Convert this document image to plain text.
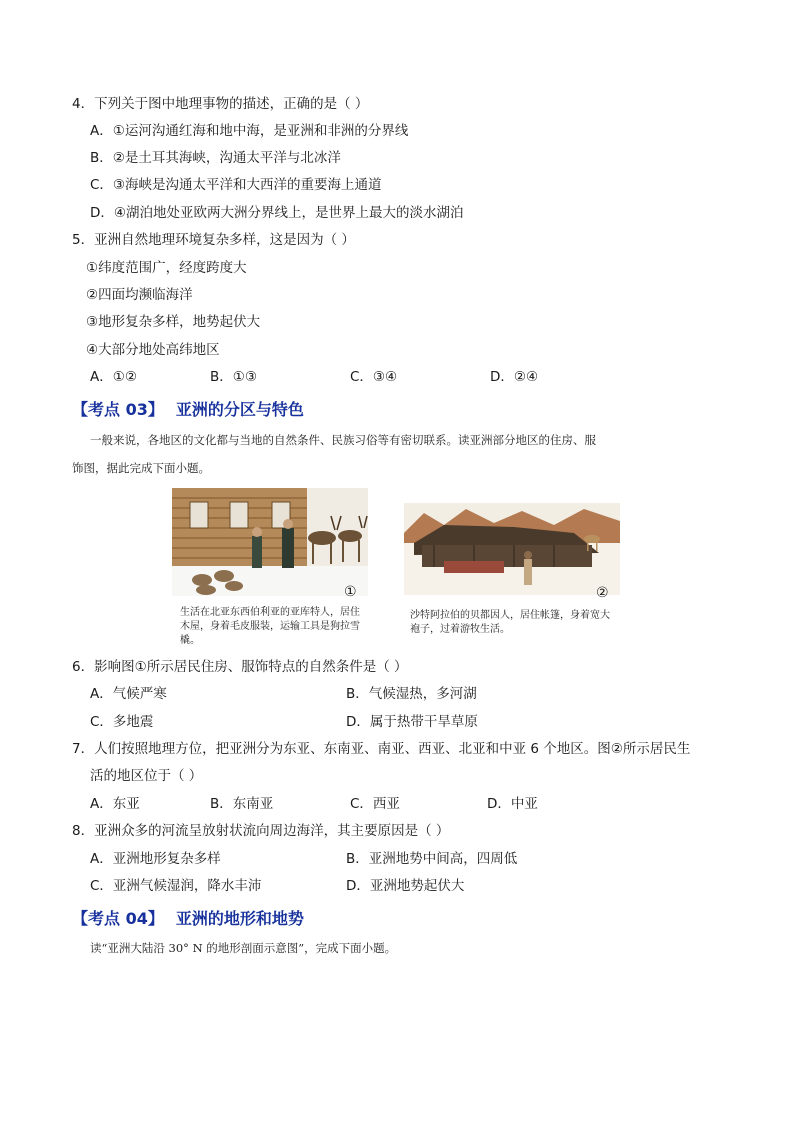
4．下列关于图中地理事物的描述，正确的是（ ）
A．①运河沟通红海和地中海，是亚洲和非洲的分界线
B．②是土耳其海峡，沟通太平洋与北冰洋
C．③海峡是沟通太平洋和大西洋的重要海上通道
D．④湖泊地处亚欧两大洲分界线上，是世界上最大的淡水湖泊
5．亚洲自然地理环境复杂多样，这是因为（ ）
①纬度范围广，经度跨度大
②四面均濒临海洋
③地形复杂多样，地势起伏大
④大部分地处高纬地区
A．①②	B．①③	C．③④	D．②④
【考点 03】 亚洲的分区与特色
一般来说，各地区的文化都与当地的自然条件、民族习俗等有密切联系。读亚洲部分地区的住房、服
饰图，据此完成下面小题。
①
生活在北亚东西伯利亚的亚库特人，居住木屋，身着毛皮服装，运输工具是狗拉雪橇。
②
沙特阿拉伯的贝都因人，居住帐篷，身着宽大袍子，过着游牧生活。
6．影响图①所示居民住房、服饰特点的自然条件是（ ）
A．气候严寒	B．气候湿热，多河湖
C．多地震	D．属于热带干旱草原
7．人们按照地理方位，把亚洲分为东亚、东南亚、南亚、西亚、北亚和中亚 6 个地区。图②所示居民生
活的地区位于（ ）
A．东亚	B．东南亚	C．西亚	D．中亚
8．亚洲众多的河流呈放射状流向周边海洋，其主要原因是（ ）
A．亚洲地形复杂多样	B．亚洲地势中间高，四周低
C．亚洲气候湿润，降水丰沛	D．亚洲地势起伏大
【考点 04】 亚洲的地形和地势
读“亚洲大陆沿 30° N 的地形剖面示意图”，完成下面小题。
